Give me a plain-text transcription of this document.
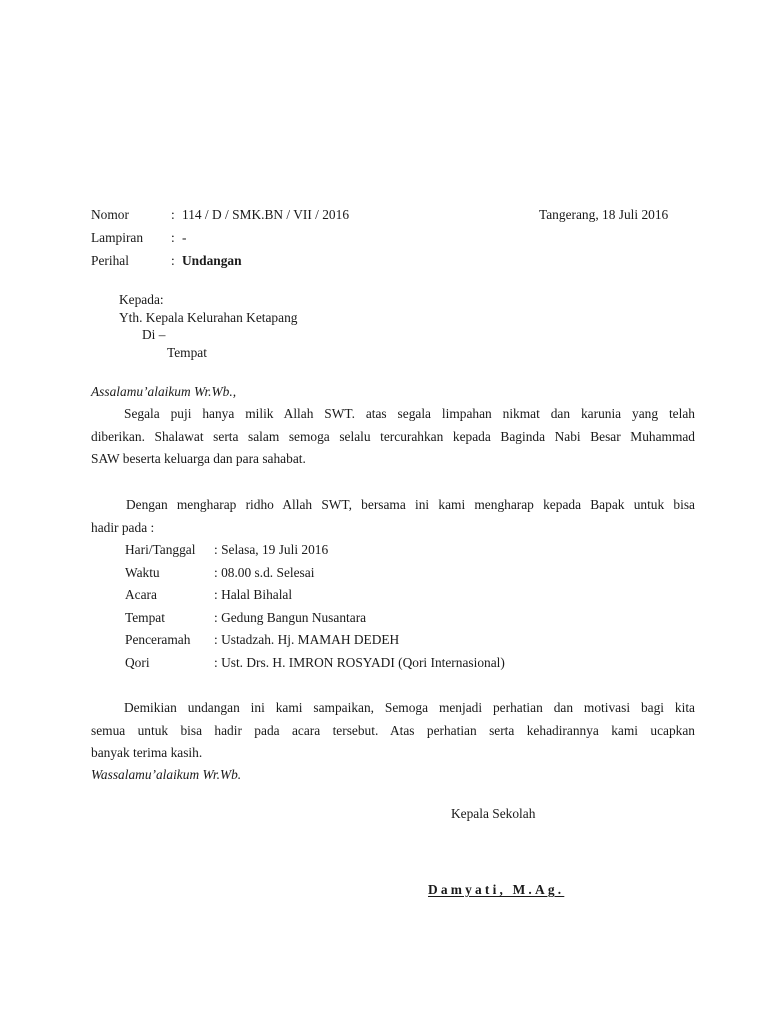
Nomor	: 114 / D / SMK.BN / VII / 2016	Tangerang, 18 Juli 2016
Lampiran : -
Perihal	: Undangan
Kepada:
Yth. Kepala Kelurahan Ketapang
Di –
Tempat
Assalamu’alaikum Wr.Wb.,
Segala puji hanya milik Allah SWT. atas segala limpahan nikmat dan karunia yang telah
diberikan. Shalawat serta salam semoga selalu tercurahkan kepada Baginda Nabi Besar Muhammad
SAW beserta keluarga dan para sahabat.
Dengan mengharap ridho Allah SWT, bersama ini kami mengharap kepada Bapak untuk bisa
hadir pada :
Hari/Tanggal : Selasa, 19 Juli 2016
Waktu	: 08.00 s.d. Selesai
Acara	: Halal Bihalal
Tempat	: Gedung Bangun Nusantara
Penceramah : Ustadzah. Hj. MAMAH DEDEH
Qori	: Ust. Drs. H. IMRON ROSYADI (Qori Internasional)
Demikian undangan ini kami sampaikan, Semoga menjadi perhatian dan motivasi bagi kita
semua untuk bisa hadir pada acara tersebut. Atas perhatian serta kehadirannya kami ucapkan
banyak terima kasih.
Wassalamu’alaikum Wr.Wb.
Kepala Sekolah
Damyati, M.Ag.
